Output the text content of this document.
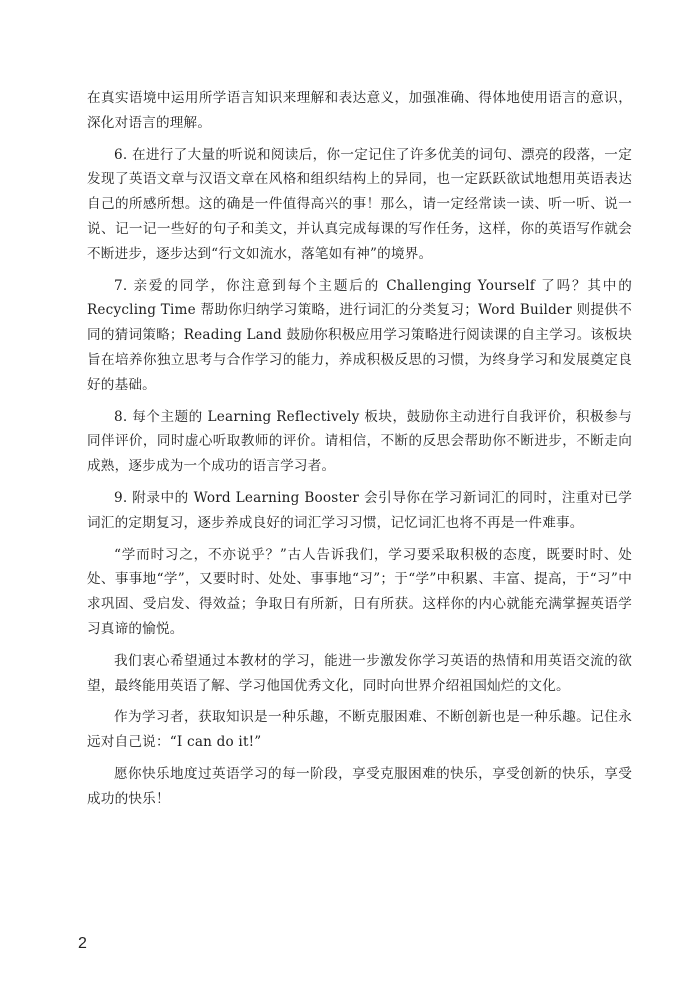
在真实语境中运用所学语言知识来理解和表达意义，加强准确、得体地使用语言的意识，深化对语言的理解。

6. 在进行了大量的听说和阅读后，你一定记住了许多优美的词句、漂亮的段落，一定发现了英语文章与汉语文章在风格和组织结构上的异同，也一定跃跃欲试地想用英语表达自己的所感所想。这的确是一件值得高兴的事！那么，请一定经常读一读、听一听、说一说、记一记一些好的句子和美文，并认真完成每课的写作任务，这样，你的英语写作就会不断进步，逐步达到“行文如流水，落笔如有神”的境界。

7. 亲爱的同学，你注意到每个主题后的 Challenging Yourself 了吗？其中的 Recycling Time 帮助你归纳学习策略，进行词汇的分类复习；Word Builder 则提供不同的猜词策略；Reading Land 鼓励你积极应用学习策略进行阅读课的自主学习。该板块旨在培养你独立思考与合作学习的能力，养成积极反思的习惯，为终身学习和发展奠定良好的基础。

8. 每个主题的 Learning Reflectively 板块，鼓励你主动进行自我评价，积极参与同伴评价，同时虚心听取教师的评价。请相信，不断的反思会帮助你不断进步，不断走向成熟，逐步成为一个成功的语言学习者。

9. 附录中的 Word Learning Booster 会引导你在学习新词汇的同时，注重对已学词汇的定期复习，逐步养成良好的词汇学习习惯，记忆词汇也将不再是一件难事。

“学而时习之，不亦说乎？”古人告诉我们，学习要采取积极的态度，既要时时、处处、事事地“学”，又要时时、处处、事事地“习”；于“学”中积累、丰富、提高，于“习”中求巩固、受启发、得效益；争取日有所新，日有所获。这样你的内心就能充满掌握英语学习真谛的愉悦。

我们衷心希望通过本教材的学习，能进一步激发你学习英语的热情和用英语交流的欲望，最终能用英语了解、学习他国优秀文化，同时向世界介绍祖国灿烂的文化。

作为学习者，获取知识是一种乐趣，不断克服困难、不断创新也是一种乐趣。记住永远对自己说：“I can do it!”

愿你快乐地度过英语学习的每一阶段，享受克服困难的快乐，享受创新的快乐，享受成功的快乐！

2
